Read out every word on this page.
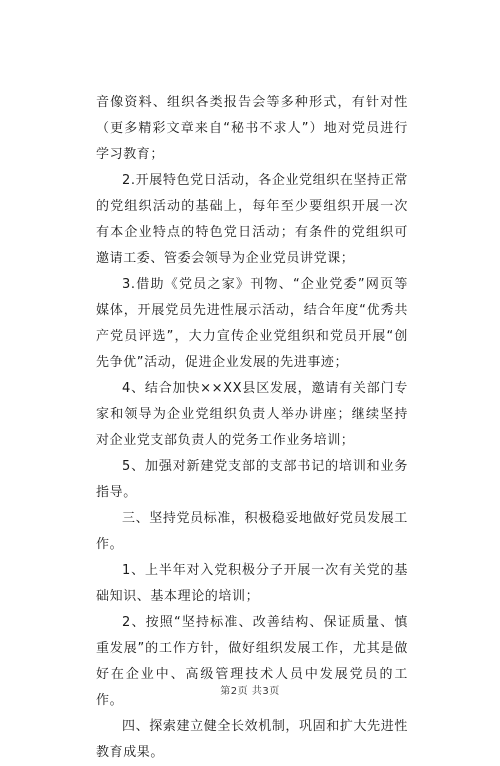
音像资料、组织各类报告会等多种形式，有针对性（更多精彩文章来自“秘书不求人”）地对党员进行学习教育；

2.开展特色党日活动，各企业党组织在坚持正常的党组织活动的基础上，每年至少要组织开展一次有本企业特点的特色党日活动；有条件的党组织可邀请工委、管委会领导为企业党员讲党课；

3.借助《党员之家》刊物、“企业党委”网页等媒体，开展党员先进性展示活动，结合年度“优秀共产党员评选”，大力宣传企业党组织和党员开展“创先争优”活动，促进企业发展的先进事迹；

4、结合加快××XX县区发展，邀请有关部门专家和领导为企业党组织负责人举办讲座；继续坚持对企业党支部负责人的党务工作业务培训；

5、加强对新建党支部的支部书记的培训和业务指导。

三、坚持党员标准，积极稳妥地做好党员发展工作。

1、上半年对入党积极分子开展一次有关党的基础知识、基本理论的培训；

2、按照“坚持标准、改善结构、保证质量、慎重发展”的工作方针，做好组织发展工作，尤其是做好在企业中、高级管理技术人员中发展党员的工作。

四、探索建立健全长效机制，巩固和扩大先进性教育成果。

第2页 共3页
